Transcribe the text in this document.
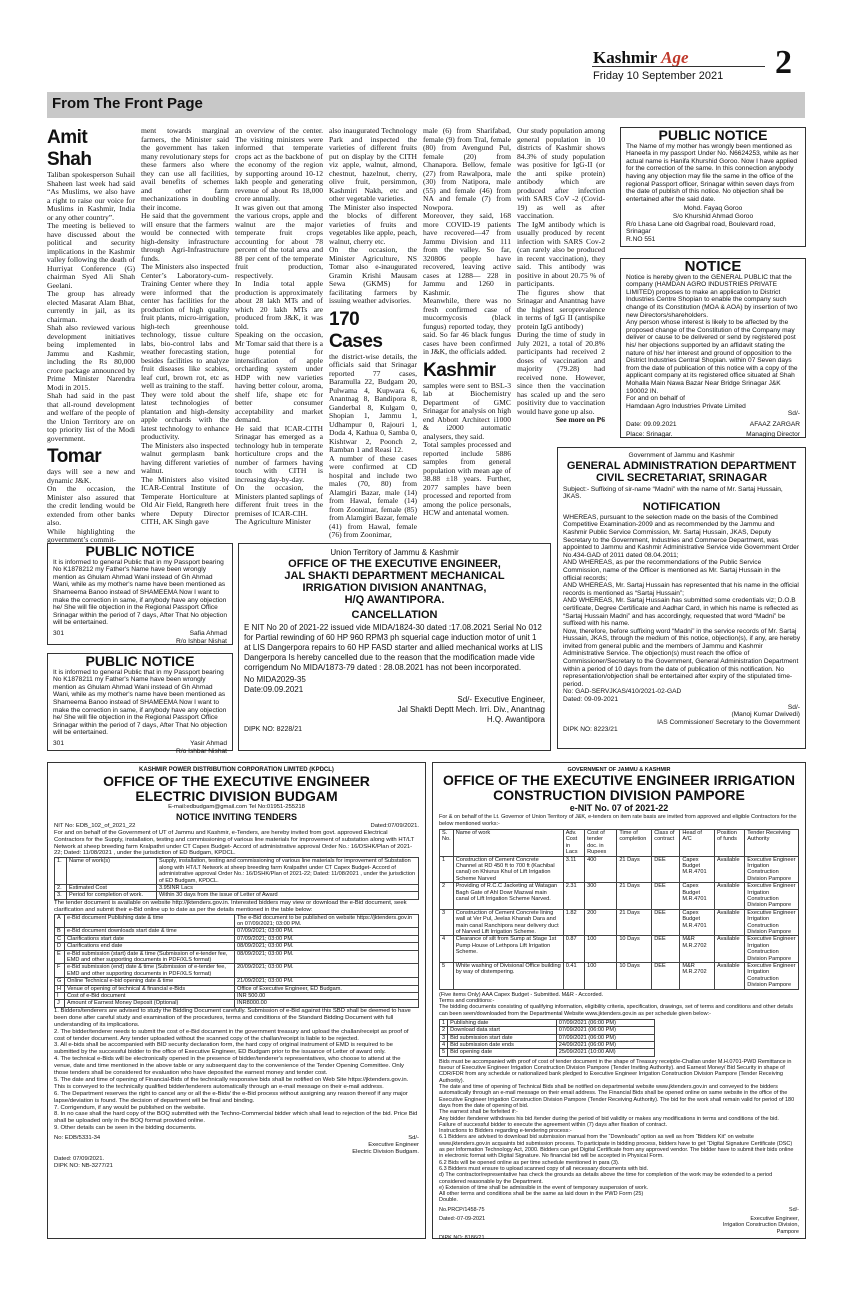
Kashmir Age
Friday 10 September 2021 2
From The Front Page
Amit Shah

Taliban spokesperson Suhail Shaheen last week had said “As Muslims, we also have a right to raise our voice for Muslims in Kashmir, India or any other country”.

The meeting is believed to have discussed about the political and security implications in the Kashmir valley following the death of Hurriyat Conference (G) chairman Syed Ali Shah Geelani.

The group has already elected Masarat Alam Bhat, currently in jail, as its chairman.

Shah also reviewed various development initiatives being implemented in Jammu and Kashmir, including the Rs 80,000 crore package announced by Prime Minister Narendra Modi in 2015.

Shah had said in the past that all-round development and welfare of the people of the Union Territory are on top priority list of the Modi government.

Tomar

days will see a new and dynamic J&K.

On the occasion, the Minister also assured that the credit lending would be extended from other banks also.

While highlighting the government’s commit-

ment towards marginal farmers, the Minister said the government has taken many revolutionary steps for these farmers also where they can use all facilities, avail benefits of schemes and other farm mechanizations in doubling their income.

He said that the government will ensure that the farmers would be connected with high-density infrastructure through Agri-Infrastructure funds.

The Ministers also inspected Center’s Laboratory-cum-Training Center where they were informed that the center has facilities for the production of high quality fruit plants, micro-irrigation, high-tech greenhouse technology, tissue culture labs, bio-control labs and weather forecasting station, besides facilities to analyze fruit diseases like scabies, leaf curl, brown rot, etc as well as training to the staff.

They were told about the latest technologies of plantation and high-density apple orchards with the latest technology to enhance productivity.

The Ministers also inspected walnut germplasm bank having different varieties of walnut.

The Ministers also visited ICAR-Central Institute of Temperate Horticulture at Old Air Field, Rangreth here where Deputy Director CITH, AK Singh gave

an overview of the center. The visiting ministers were informed that temperate crops act as the backbone of the economy of the region by supporting around 10-12 lakh people and generating revenue of about Rs 18,000 crore annually.

It was given out that among the various crops, apple and walnut are the major temperate fruit crops accounting for about 78 percent of the total area and 88 per cent of the temperate fruit production, respectively.

In India total apple production is approximately about 28 lakh MTs and of which 20 lakh MTs are produced from J&K, it was told.

Speaking on the occasion, Mr Tomar said that there is a huge potential for intensification of apple orcharding system under HDP with new varieties having better colour, aroma, shelf life, shape etc for better consumer acceptability and market demand.

He said that ICAR-CITH Srinagar has emerged as a technology hub in temperate horticulture crops and the number of farmers having touch with CITH is increasing day-by-day.

On the occasion, the Ministers planted saplings of different fruit trees in the premises of ICAR-CIH.

The Agriculture Minister

also inaugurated Technology Park and inspected the varieties of different fruits put on display by the CITH viz apple, walnut, almond, chestnut, hazelnut, cherry, olive fruit, persimmon, Kashmiri Nakh, etc and other vegetable varieties.

The Minister also inspected the blocks of different varieties of fruits and vegetables like apple, peach, walnut, cherry etc.

On the occasion, the Minister Agriculture, NS Tomar also e-inaugurated Gramin Krishi Mausam Sewa (GKMS) for facilitating farmers by issuing weather advisories.

170 Cases

the district-wise details, the officials said that Srinagar reported 77 cases, Baramulla 22, Budgam 20, Pulwama 4, Kupwara 6, Anantnag 8, Bandipora 8, Ganderbal 8, Kulgam 0, Shopian 1, Jammu 1, Udhampur 0, Rajouri 1, Doda 4, Kathua 0, Samba 0, Kishtwar 2, Poonch 2, Ramban 1 and Reasi 12.

A number of these cases were confirmed at CD hospital and include two males (70, 80) from Alamgiri Bazar, male (14) from Hawal, female (14) from Zoonimar, female (85) from Alamgiri Bazar, female (41) from Hawal, female (76) from Zoonimar,

male (6) from Sharifabad, female (9) from Tral, female (80) from Avengund Pul, female (20) from Chanapora. Bellow, female (27) from Rawalpora, male (30) from Natipora, male (55) and female (46) from NA and female (7) from Nowpora.

Moreover, they said, 168 more COVID-19 patients have recovered—47 from Jammu Division and 111 from the valley. So far, 320806 people have recovered, leaving active cases at 1288— 228 in Jammu and 1260 in Kashmir.

Meanwhile, there was no fresh confirmed case of mucormycosis (black fungus) reported today, they said. So far 46 black fungus cases have been confirmed in J&K, the officials added.

Kashmir

samples were sent to BSL-3 lab at Biochemistry Department of GMC Srinagar for analysis on high end Abbott Architect i1000 & i2000 automatic analysers, they said.

Total samples processed and reported include 5886 samples from general population with mean age of 38.88 ±18 years. Further, 2077 samples have been processed and reported from among the police personals, HCW and antenatal women.

Our study population among general population in 10 districts of Kashmir shows 84.3% of study population was positive for IgG-II (or the anti spike protein) antibody which are produced after infection with SARS CoV -2 (Covid-19) as well as after vaccination.

The IgM antibody which is usually produced by recent infection with SARS Cov-2 (can rarely also be produced in recent vaccination), they said. This antibody was positive in about 20.75 % of participants.

The figures show that Srinagar and Anantnag have the highest seroprevalence in terms of IgG II (antispike protein IgG antibody)

During the time of study in July 2021, a total of 20.8% participants had received 2 doses of vaccination and majority (79.28) had received none. However, since then the vaccination has scaled up and the sero positivity due to vaccination would have gone up also.

See more on P6
PUBLIC NOTICE
The Name of my mother has wrongly been mentioned as Haneefa in my passport Under No. N6624253, while as her actual name is Hanifa Khurshid Goroo. Now I have applied for the correction of the same. In this connection anybody having any objection may file the same in the office of the regional Passport officer, Srinagar within seven days from the date of publish of this notice. No objection shall be entertained after the said date.
Mohd. Fayaq Goroo
S/o Khurshid Ahmad Goroo
R/o Lhasa Lane old Gagribal road, Boulevard road, Srinagar
R.NO 551
NOTICE
Notice is hereby given to the GENERAL PUBLIC that the company (HAMDAN AGRO INDUSTRIES PRIVATE LIMITED) proposes to make an application to District Industries Centre Shopian to enable the company such change of its Constitution (MOA & AOA) by insertion of two new Directors/shareholders.
Any person whose interest is likely to be affected by the proposed change of the Constitution of the Company may deliver or cause to be delivered or send by registered post his/ her objections supported by an affidavit stating the nature of his/ her interest and ground of opposition to the District Industries Central Shopian. within 07 Seven days from the date of publication of this notice with a copy of the applicant company at its registered office situated at Shah Mohalla Main Nawa Bazar Near Bridge Srinagar J&K 190002 IN.
For and on behalf of
Hamdaan Agro Industries Private Limited
Sd/-
Date: 09.09.2021	AFAAZ ZARGAR
Place: Srinagar.	Managing Director
Government of Jammu and Kashmir
GENERAL ADMINISTRATION DEPARTMENT
CIVIL SECRETARIAT, SRINAGAR
Subject:- Suffixing of sir-name “Madni” with the name of Mr. Sartaj Hussain, JKAS.
NOTIFICATION
WHEREAS, pursuant to the selection made on the basis of the Combined Competitive Examination-2009 and as recommended by the Jammu and Kashmir Public Service Commission, Mr. Sartaj Hussain, JKAS, Deputy Secretary to the Government, Industries and Commerce Department, was appointed to Jammu and Kashmir Administrative Service vide Government Order No.434-GAD of 2011 dated 08.04.2011;
AND WHEREAS, as per the recommendations of the Public Service Commission, name of the Officer is mentioned as Mr. Sartaj Hussain in the official records;
AND WHEREAS, Mr. Sartaj Hussain has represented that his name in the official records is mentioned as “Sartaj Hussain”;
AND WHEREAS, Mr. Sartaj Hussain has submitted some credentials viz; D.O.B certificate, Degree Certificate and Aadhar Card, in which his name is reflected as “Sartaj Hussain Madni” and has accordingly, requested that word “Madni” be suffixed with his name.
Now, therefore, before suffixing word “Madni” in the service records of Mr. Sartaj Hussain, JKAS, through the medium of this notice, objection(s), if any, are hereby invited from general public and the members of Jammu and Kashmir Administrative Service. The objection(s) must reach the office of Commissioner/Secretary to the Government, General Administration Department within a period of 10 days from the date of publication of this notification. No representation/objection shall be entertained after expiry of the stipulated time-period.
No: GAD-SERVJKAS/410/2021-02-GAD
Dated: 09-09-2021
Sd/-
(Manoj Kumar Dwivedi)
IAS Commissioner/ Secretary to the Government
DIPK NO: 8223/21
PUBLIC NOTICE
It is informed to general Public that in my Passport bearing No K1878212 my Father's Name have been wrongly mention as Ghulam Ahmad Wani instead of Gh Ahmad Wani, while as my mother's name have been mentioned as Shameema Banoo instead of SHAMEEMA Now I want to make the correction in same, if anybody have any objection he/ She will file objection in the Regional Passport Office Srinagar within the period of 7 days, After That No objection will be entertained.
301	Safia Ahmad
R/o Ishbar Nishat
PUBLIC NOTICE
It is informed to general Public that in my Passport bearing No K1878211 my Father's Name have been wrongly mention as Ghulam Ahmad Wani instead of Gh Ahmad Wani, while as my mother's name have been mentioned as Shameema Banoo instead of SHAMEEMA Now I want to make the correction in same, if anybody have any objection he/ She will file objection in the Regional Passport Office Srinagar within the period of 7 days, After That No objection will be entertained.
301	Yasir Ahmad
R/o Ishbar Nishat
Union Territory of Jammu & Kashmir
OFFICE OF THE EXECUTIVE ENGINEER,
JAL SHAKTI DEPARTMENT MECHANICAL
IRRIGATION DIVISION ANANTNAG,
H/Q AWANTIPORA.
CANCELLATION
E NIT No 20 of 2021-22 issued vide MIDA/1824-30 dated :17.08.2021 Serial No 012 for Partial rewinding of 60 HP 960 RPM3 ph squerial cage induction motor of unit 1 at LIS Dangerpora repairs to 60 HP FASD starter and allied mechanical works at LIS Dangerpora Is hereby cancelled due to the reason that the modification made vide corrigendum No MIDA/1873-79 dated : 28.08.2021 has not been incorporated.
No MIDA2029-35
Date:09.09.2021
Sd/- Executive Engineer,
Jal Shakti Deptt Mech. Irri. Div., Anantnag
H.Q. Awantipora
DIPK NO: 8228/21
KASHMIR POWER DISTRIBUTION CORPORATION LIMITED (KPDCL)
OFFICE OF THE EXECUTIVE ENGINEER
ELECTRIC DIVISION BUDGAM
E-mail:edbudgam@gmail.com Tel No:01951-255218
NOTICE INVITING TENDERS
NIT No: EDB_102_of_2021_22	Dated:07/09/2021.
For and on behalf of the Government of UT of Jammu and Kashmir, e-Tenders, are hereby invited from govt. approved Electrical Contractors for the Supply, installation, testing and commissioning of various line materials for improvement of substation along with HT/LT Network at sheep breeding farm Kralpathri under CT Capex Budget- Accord of administrative approval Order No.: 16/DSHK/Plan of 2021-22; Dated: 11/08/2021 , under the jurisdiction of ED Budgam, KPDCL.
1.	Name of work(s)	Supply, installation, testing and commissioning of various line materials for improvement of Substation along with HT/LT Network at sheep breeding farm Kralpathri under CT Capex Budget- Accord of administrative approval Order No.: 16/DSHK/Plan of 2021-22; Dated: 11/08/2021 , under the jurisdiction of ED Budgam, KPDCL.
2.	Estimated Cost	3.95INR Lacs
3.	Period for completion of work.	Within 30 days from the issue of Letter of Award
The tender document is available on website http://jktenders.gov.in. Interested bidders may view or download the e-Bid document, seek clarification and submit their e-Bid online up to date as per the details mentioned in the table below:
A	e-Bid document Publishing date & time	The e-Bid document to be published on website https://jktenders.gov.in on 07/09/2021; 03:00 PM.
B	e-Bid document downloads start date & time	07/09/2021; 03:00 PM.
C	Clarifications start date	07/09/2021; 03:00 PM.
D	Clarifications end date	08/09/2021; 03:00 PM.
E	e-Bid submission (start) date & time (Submission of e-tender fee, EMD and other supporting documents in PDF/XLS format)	08/09/2021; 03:00 PM.
F	e-Bid submission (end) date & time (Submission of e-tender fee, EMD and other supporting documents in PDF/XLS format)	20/09/2021; 03:00 PM.
G	Online Technical e-bid opening date & time	21/09/2021; 03:00 PM.
H	Venue of opening of technical & financial e-Bids	Office of Executive Engineer, ED Budgam.
I	Cost of e-Bid document	INR 500.00
J	Amount of Earnest Money Deposit (Optional)	INR8000.00
1. Bidders/tenderers are advised to study the Bidding Document carefully. Submission of e-Bid against this SBD shall be deemed to have been done after careful study and examination of the procedures, terms and conditions of the Standard Bidding Document with full understanding of its implications.
2. The bidder/tenderer needs to submit the cost of e-Bid document in the government treasury and upload the challan/receipt as proof of cost of tender document. Any tender uploaded without the scanned copy of the challan/receipt is liable to be rejected.
3. All e-bids shall be accompanied with BID security declaration form, the hard copy of original instrument of EMD is required to be submitted by the successful bidder to the office of Executive Engineer, ED Budgam prior to the issuance of Letter of award only.
4. The technical e-Bids will be electronically opened in the presence of bidder/tenderer's representatives, who choose to attend at the venue, date and time mentioned in the above table or any subsequent day to the convenience of the Tender Opening Committee. Only those tenders shall be considered for evaluation who have deposited the earnest money and tender cost.
5. The date and time of opening of Financial-Bids of the technically responsive bids shall be notified on Web Site https://jktenders.gov.in. This is conveyed to the technically qualified bidder/tenderers automatically through an e-mail message on their e-mail address.
6. The Department reserves the right to cancel any or all the e-Bids/ the e-Bid process without assigning any reason thereof if any major lapse/deviation is found. The decision of department will be final and binding.
7. Corrigendum, if any would be published on the website.
8. In no case shall the hard copy of the BOQ submitted with the Techno-Commercial bidder which shall lead to rejection of the bid. Price Bid shall be uploaded only in the BOQ format provided online.
9. Other details can be seen in the bidding documents.
No: EDB/5331-34	Sd/-
Executive Engineer
Electric Division Budgam.
Dated: 07/09/2021.
DIPK NO: NB-3277/21
GOVERNMENT OF JAMMU & KASHMIR
OFFICE OF THE EXECUTIVE ENGINEER IRRIGATION
CONSTRUCTION DIVISION PAMPORE
e-NIT No. 07 of 2021-22
For & on behalf of the Lt. Governor of Union Territory of J&K, e-tenders on item rate basis are invited from approved and eligible Contractors for the below mentioned works:-
S. No.	Name of work	Adv. Cost in Lacs	Cost of tender doc. in Rupees	Time of completion	Class of contract	Head of A/C	Position of funds	Tender Receiving Authority
1	Construction of Cement Concrete Channel at RD 450 ft to 700 ft (Kachibal canal) on Khiurus Khul of Lift Irrigation Scheme Narved	3.11	400	21 Days	DEE	Capex Budget M.R.4701	Available	Executive Engineer Irrigation Construction Division Pampore
2	Providing of R.C.C Jacketing at Watagan Bagh Gate of Ahl Dowr Mazwal main canal of Lift Irrigation Scheme Narved.	2.31	300	21 Days	DEE	Capex Budget M.R.4701	Available	Executive Engineer Irrigation Construction Division Pampore
3	Construction of Cement Concrete lining wall at Ver Pul, Jeelas Khanah Dara and main canal Ranchipora near delivery duct of Narved Lift Irrigation Scheme.	1.82	200	21 Days	DEE	Capex Budget M.R.4701	Available	Executive Engineer Irrigation Construction Division Pampore
4	Clearance of silt from Sump at Stage 1st Pump House of Lethpora Lift Irrigation Scheme.	0.87	100	10 Days	DEE	M&R M.R.2702	Available	Executive Engineer Irrigation Construction Division Pampore
5	White washing of Divisional Office building by way of distempering.	0.41	100	10 Days	DEE	M&R M.R.2702	Available	Executive Engineer Irrigation Construction Division Pampore
(Five items Only) AAA Capex Budget - Submitted. M&R - Accorded.
Terms and conditions:-
The bidding documents consisting of qualifying information, eligibility criteria, specification, drawings, set of terms and conditions and other details can been seen/downloaded from the Departmental Website www.jktenders.gov.in as per schedule given below:-
1	Publishing date	07/09/2021 (06:00 PM)
2	Download data start	07/09/2021 (06:00 PM)
3	Bid submission start date	07/09/2021 (06:00 PM)
4	Bid submission date ends	24/09/2021 (06:00 PM)
5	Bid opening date	25/09/2021 (10:00 AM)
Bids must be accompanied with proof of cost of tender document in the shape of Treasury receipt/e-Challan under M.H.0701-PWD Remittance in favour of Executive Engineer Irrigation Construction Division Pampore (Tender Inviting Authority). and Earnest Money/ Bid Security in shape of CDR/FDR from any schedule or nationalized bank pledged to Executive Engineer Irrigation Construction Division Pampore (Tender Receiving Authority).
The date and time of opening of Technical Bids shall be notified on departmental website www.jktenders.gov.in and conveyed to the bidders automatically through an e-mail message on their email address. The Financial Bids shall be opened online on same website in the office of the Executive Engineer Irrigation Construction Division Pampore (Tender Receiving Authority). The bid for the work shall remain valid for period of 180 days from the date of opening of bid.
The earnest shall be forfeited if:-
Any bidder /tenderer withdraws his bid /tender during the period of bid validity or makes any modifications in terms and conditions of the bid.
Failure of successful bidder to execute the agreement within (7) days after fixation of contract.
Instructions to Bidders regarding e-tendering process:-
6.1 Bidders are advised to download bid submission manual from the “Downloads” option as well as from “Bidders Kit” on website www.jktenders.gov.in acquaints bid submission process. To participate in bidding process, bidders have to get “Digital Signature Certificate (DSC) as per Information Technology Act, 2000. Bidders can get Digital Certificate from any approved vendor. The bidder have to submit their bids online in electronic format with Digital Signature. No financial bid will be accepted in Physical Form.
6.2 Bids will be opened online as per time schedule mentioned in para (3).
6.3 Bidders must ensure to upload scanned copy of all necessary documents with bid.
d) The contractor/representative has check the grounds as details above the time for completion of the work may be extended to a period considered reasonable by the Department.
e) Extension of time shall be admissible in the event of temporary suspension of work.
All other terms and conditions shall be the same as laid down in the PWD Form (25)
Double.
No.PRCP/1458-75	Sd/-
Dated:-07-09-2021	Executive Engineer,
Irrigation Construction Division,
Pampore
DIPK NO: 8186/21
